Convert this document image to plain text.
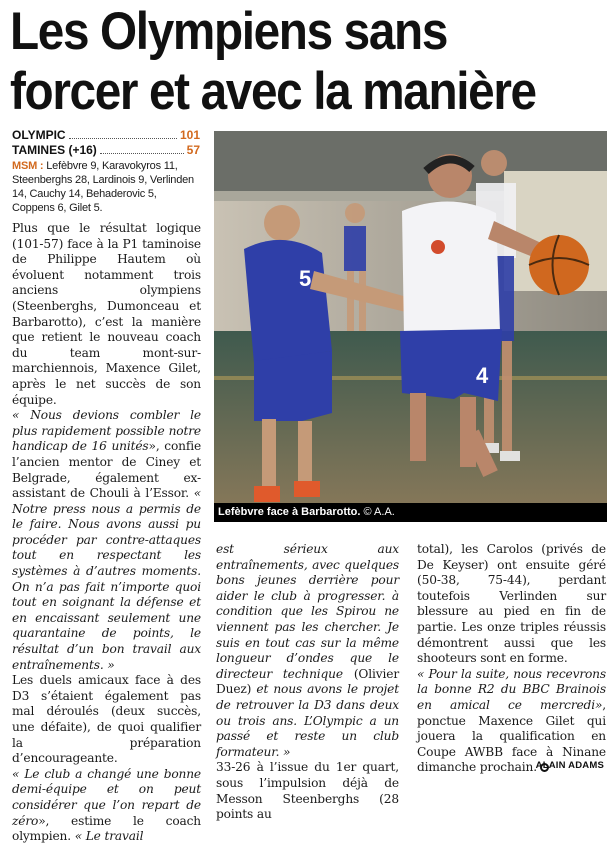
Les Olympiens sans
forcer et avec la manière
OLYMPIC	101
TAMINES (+16)	57
MSM : Lefèbvre 9, Karavokyros 11, Steenberghs 28, Lardinois 9, Verlinden 14, Cauchy 14, Behaderovic 5, Coppens 6, Gilet 5.
5
4
Lefèbvre face à Barbarotto. © A.A.

Plus que le résultat logique (101-57) face à la P1 taminoise de Philippe Hautem où évoluent notamment trois anciens olympiens (Steenberghs, Dumonceau et Barbarotto), c’est la manière que retient le nouveau coach du team mont-sur-marchiennois, Maxence Gilet, après le net succès de son équipe.

« Nous devions combler le plus rapidement possible notre handicap de 16 unités», confie l’ancien mentor de Ciney et Belgrade, également ex-assistant de Chouli à l’Essor. « Notre press nous a permis de le faire. Nous avons aussi pu procéder par contre-attaques tout en respectant les systèmes à d’autres moments. On n’a pas fait n’importe quoi tout en soignant la défense et en encaissant seulement une quarantaine de points, le résultat d’un bon travail aux entraînements. »

Les duels amicaux face à des D3 s’étaient également pas mal déroulés (deux succès, une défaite), de quoi qualifier la préparation d’encourageante.

« Le club a changé une bonne demi-équipe et on peut considérer que l’on repart de zéro», estime le coach olympien. « Le travail

est sérieux aux entraînements, avec quelques bons jeunes derrière pour aider le club à progresser. à condition que les Spirou ne viennent pas les chercher. Je suis en tout cas sur la même longueur d’ondes que le directeur technique (Olivier Duez) et nous avons le projet de retrouver la D3 dans deux ou trois ans. L’Olympic a un passé et reste un club formateur. »

33-26 à l’issue du 1er quart, sous l’impulsion déjà de Messon Steenberghs (28 points au

total), les Carolos (privés de De Keyser) ont ensuite géré (50-38, 75-44), perdant toutefois Verlinden sur blessure au pied en fin de partie. Les onze triples réussis démontrent aussi que les shooteurs sont en forme.

« Pour la suite, nous recevrons la bonne R2 du BBC Brainois en amical ce mercredi», ponctue Maxence Gilet qui jouera la qualification en Coupe AWBB face à Ninane dimanche prochain.

ALAIN ADAMS
